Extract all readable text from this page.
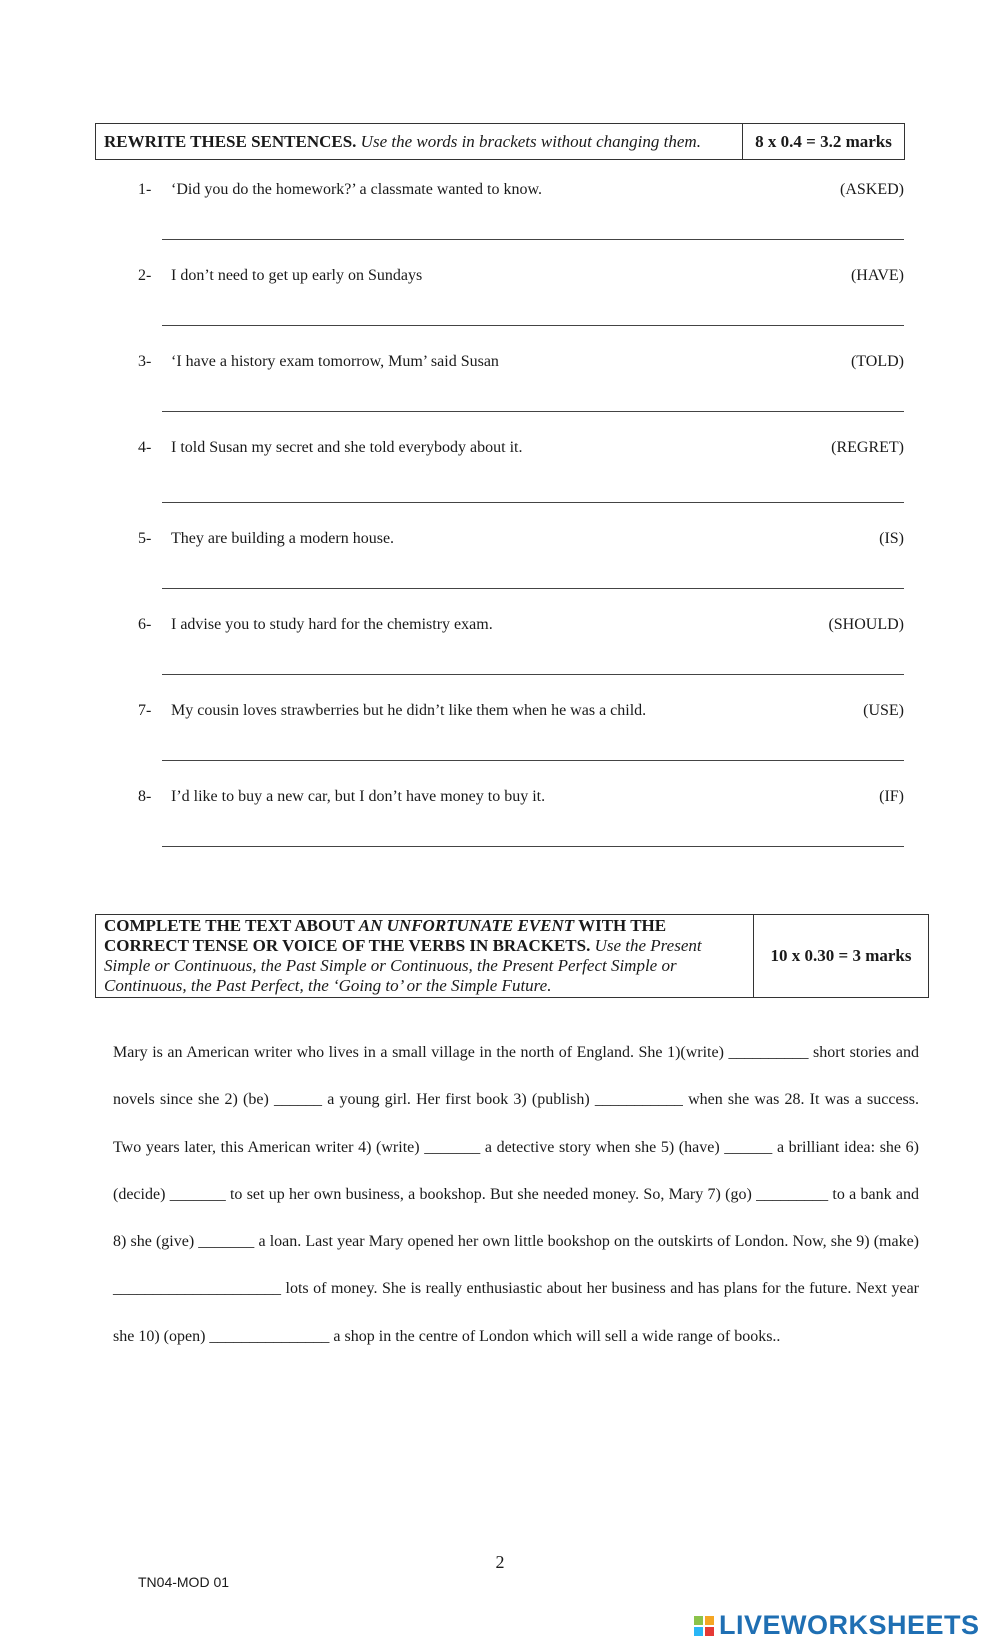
REWRITE THESE SENTENCES.
Use the words in brackets without changing them.	8 x 0.4 = 3.2 marks
1- ‘Did you do the homework?’ a classmate wanted to know.	(ASKED)
2- I don’t need to get up early on Sundays	(HAVE)
3- ‘I have a history exam tomorrow, Mum’ said Susan	(TOLD)
4- I told Susan my secret and she told everybody about it.	(REGRET)
5- They are building a modern house.	(IS)
6- I advise you to study hard for the chemistry exam.	(SHOULD)
7- My cousin loves strawberries but he didn’t like them when he was a child.	(USE)
8- I’d like to buy a new car, but I don’t have money to buy it.	(IF)
COMPLETE THE TEXT ABOUT AN UNFORTUNATE EVENT WITH THE CORRECT TENSE OR VOICE OF THE VERBS IN BRACKETS. Use the Present Simple or Continuous, the Past Simple or Continuous, the Present Perfect Simple or Continuous, the Past Perfect, the ‘Going to’ or the Simple Future.
10 x 0.30 = 3 marks
Mary is an American writer who lives in a small village in the north of England. She 1)(write) __________ short stories and novels since she 2) (be) ______ a young girl. Her first book 3) (publish) ___________ when she was 28. It was a success. Two years later, this American writer 4) (write) _______ a detective story when she 5) (have) ______ a brilliant idea: she 6) (decide) _______ to set up her own business, a bookshop. But she needed money. So, Mary 7) (go) _________ to a bank and 8) she (give) _______ a loan. Last year Mary opened her own little bookshop on the outskirts of London. Now, she 9) (make) _____________________ lots of money. She is really enthusiastic about her business and has plans for the future. Next year she 10) (open) _______________ a shop in the centre of London which will sell a wide range of books..
2
TN04-MOD 01
LIVEWORKSHEETS
